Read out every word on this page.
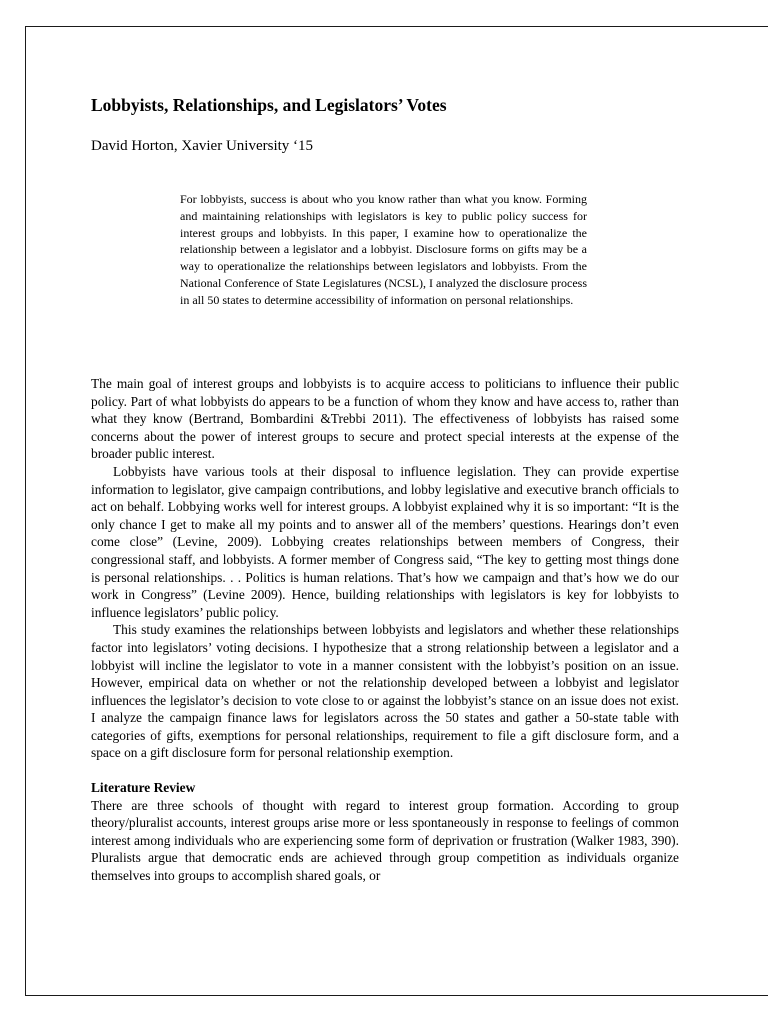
Lobbyists, Relationships, and Legislators’ Votes
David Horton, Xavier University ‘15

For lobbyists, success is about who you know rather than what you know. Forming and maintaining relationships with legislators is key to public policy success for interest groups and lobbyists. In this paper, I examine how to operationalize the relationship between a legislator and a lobbyist. Disclosure forms on gifts may be a way to operationalize the relationships between legislators and lobbyists. From the National Conference of State Legislatures (NCSL), I analyzed the disclosure process in all 50 states to determine accessibility of information on personal relationships.

The main goal of interest groups and lobbyists is to acquire access to politicians to influence their public policy. Part of what lobbyists do appears to be a function of whom they know and have access to, rather than what they know (Bertrand, Bombardini &Trebbi 2011). The effectiveness of lobbyists has raised some concerns about the power of interest groups to secure and protect special interests at the expense of the broader public interest.

Lobbyists have various tools at their disposal to influence legislation. They can provide expertise information to legislator, give campaign contributions, and lobby legislative and executive branch officials to act on behalf. Lobbying works well for interest groups. A lobbyist explained why it is so important: “It is the only chance I get to make all my points and to answer all of the members’ questions. Hearings don’t even come close” (Levine, 2009). Lobbying creates relationships between members of Congress, their congressional staff, and lobbyists. A former member of Congress said, “The key to getting most things done is personal relationships. . . Politics is human relations. That’s how we campaign and that’s how we do our work in Congress” (Levine 2009). Hence, building relationships with legislators is key for lobbyists to influence legislators’ public policy.

This study examines the relationships between lobbyists and legislators and whether these relationships factor into legislators’ voting decisions. I hypothesize that a strong relationship between a legislator and a lobbyist will incline the legislator to vote in a manner consistent with the lobbyist’s position on an issue. However, empirical data on whether or not the relationship developed between a lobbyist and legislator influences the legislator’s decision to vote close to or against the lobbyist’s stance on an issue does not exist. I analyze the campaign finance laws for legislators across the 50 states and gather a 50-state table with categories of gifts, exemptions for personal relationships, requirement to file a gift disclosure form, and a space on a gift disclosure form for personal relationship exemption.

Literature Review

There are three schools of thought with regard to interest group formation. According to group theory/pluralist accounts, interest groups arise more or less spontaneously in response to feelings of common interest among individuals who are experiencing some form of deprivation or frustration (Walker 1983, 390). Pluralists argue that democratic ends are achieved through group competition as individuals organize themselves into groups to accomplish shared goals, or
